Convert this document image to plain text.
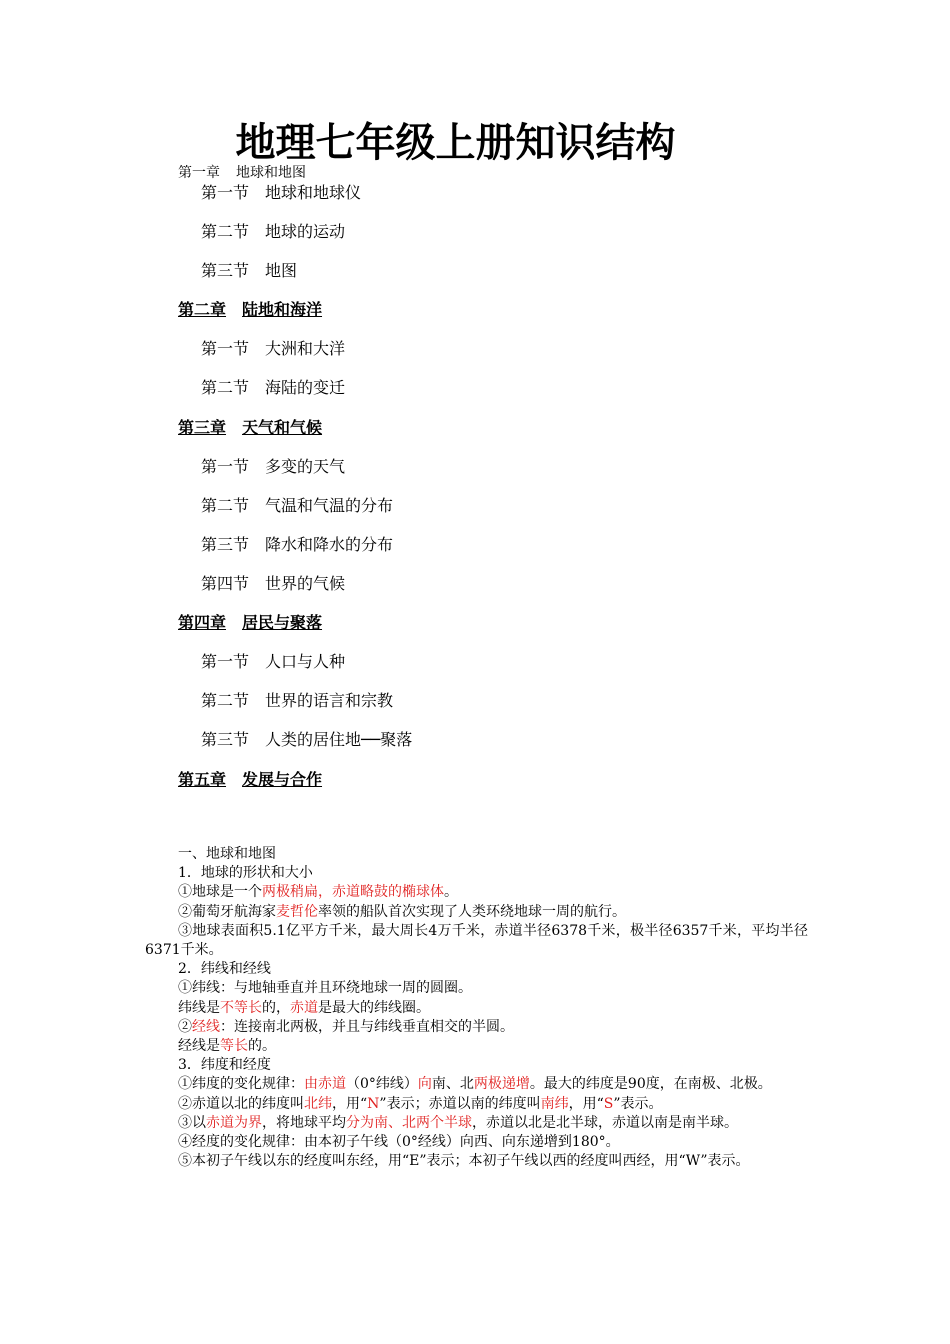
地理七年级上册知识结构
第一章 地球和地图
第一节 地球和地球仪
第二节 地球的运动
第三节 地图
第二章 陆地和海洋
第一节 大洲和大洋
第二节 海陆的变迁
第三章 天气和气候
第一节 多变的天气
第二节 气温和气温的分布
第三节 降水和降水的分布
第四节 世界的气候
第四章 居民与聚落
第一节 人口与人种
第二节 世界的语言和宗教
第三节 人类的居住地──聚落
第五章 发展与合作

一、地球和地图

1．地球的形状和大小

①地球是一个两极稍扁，赤道略鼓的椭球体。

②葡萄牙航海家麦哲伦率领的船队首次实现了人类环绕地球一周的航行。

③地球表面积5.1亿平方千米，最大周长4万千米，赤道半径6378千米，极半径6357千米，平均半径6371千米。

2．纬线和经线

①纬线：与地轴垂直并且环绕地球一周的圆圈。

纬线是不等长的，赤道是最大的纬线圈。

②经线：连接南北两极，并且与纬线垂直相交的半圆。

经线是等长的。

3．纬度和经度

①纬度的变化规律：由赤道（0°纬线）向南、北两极递增。最大的纬度是90度，在南极、北极。

②赤道以北的纬度叫北纬，用“N”表示；赤道以南的纬度叫南纬，用“S”表示。

③以赤道为界，将地球平均分为南、北两个半球，赤道以北是北半球，赤道以南是南半球。

④经度的变化规律：由本初子午线（0°经线）向西、向东递增到180°。

⑤本初子午线以东的经度叫东经，用“E”表示；本初子午线以西的经度叫西经，用“W”表示。
